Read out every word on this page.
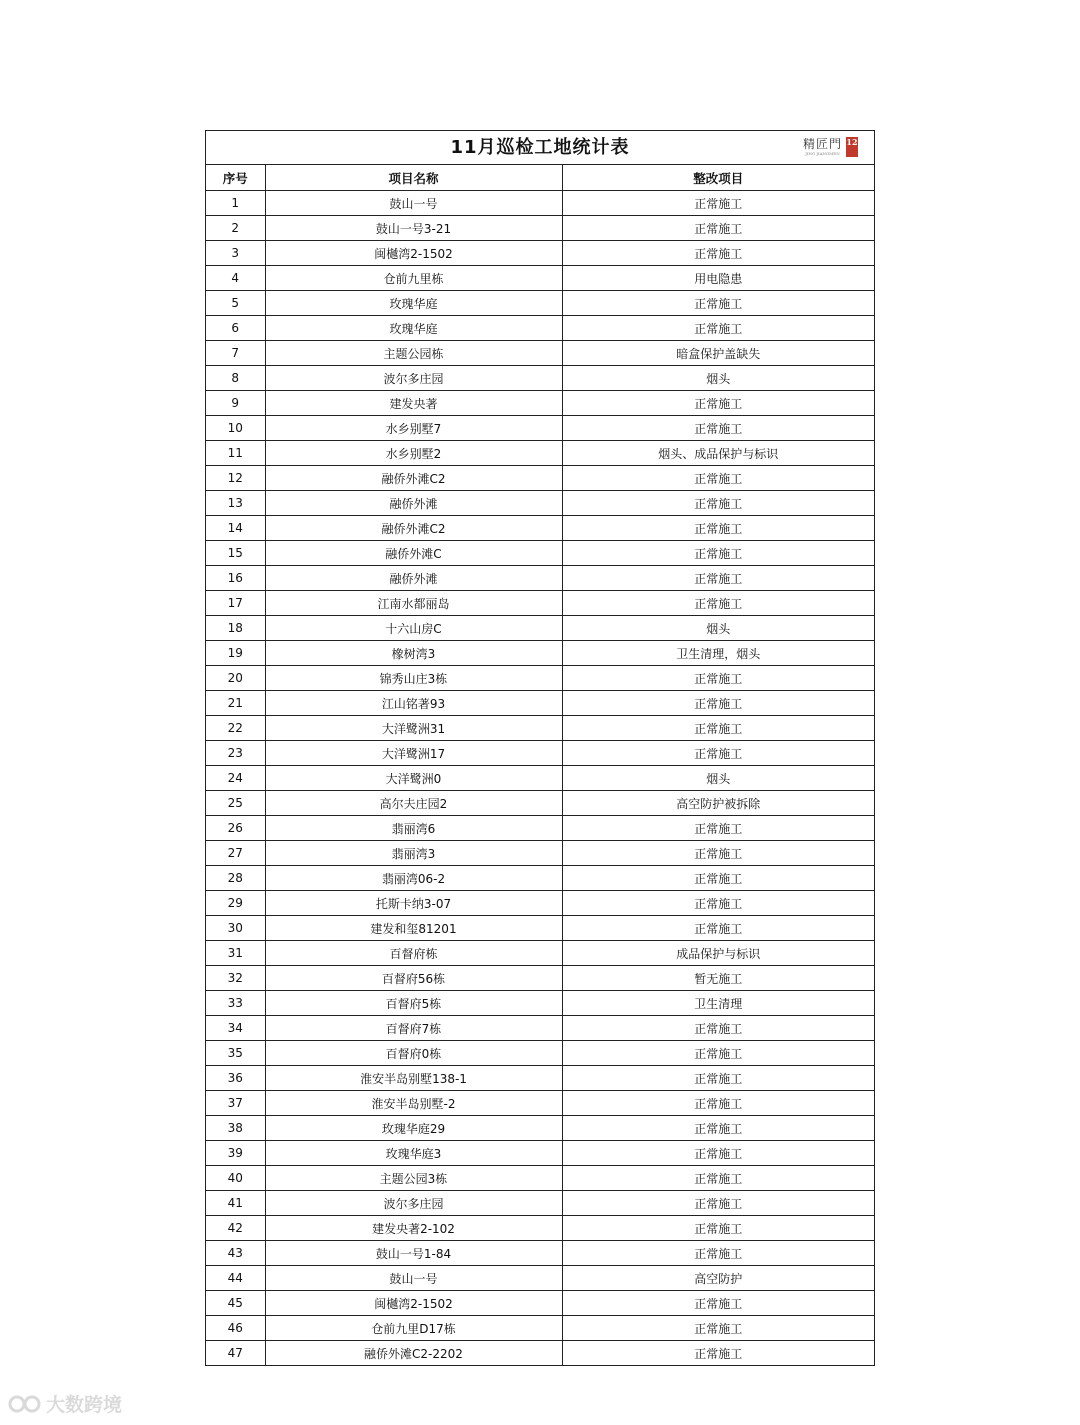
11月巡检工地统计表	精匠門
JING JIANGMEN
12
序号	项目名称	整改项目
1	鼓山一号	正常施工
2	鼓山一号3-21	正常施工
3	闽樾湾2-1502	正常施工
4	仓前九里栋	用电隐患
5	玫瑰华庭	正常施工
6	玫瑰华庭	正常施工
7	主题公园栋	暗盒保护盖缺失
8	波尔多庄园	烟头
9	建发央著	正常施工
10	水乡别墅7	正常施工
11	水乡别墅2	烟头、成品保护与标识
12	融侨外滩C2	正常施工
13	融侨外滩	正常施工
14	融侨外滩C2	正常施工
15	融侨外滩C	正常施工
16	融侨外滩	正常施工
17	江南水都丽岛	正常施工
18	十六山房C	烟头
19	橡树湾3	卫生清理，烟头
20	锦秀山庄3栋	正常施工
21	江山铭著93	正常施工
22	大洋鹭洲31	正常施工
23	大洋鹭洲17	正常施工
24	大洋鹭洲0	烟头
25	高尔夫庄园2	高空防护被拆除
26	翡丽湾6	正常施工
27	翡丽湾3	正常施工
28	翡丽湾06-2	正常施工
29	托斯卡纳3-07	正常施工
30	建发和玺81201	正常施工
31	百督府栋	成品保护与标识
32	百督府56栋	暂无施工
33	百督府5栋	卫生清理
34	百督府7栋	正常施工
35	百督府0栋	正常施工
36	淮安半岛别墅138-1	正常施工
37	淮安半岛别墅-2	正常施工
38	玫瑰华庭29	正常施工
39	玫瑰华庭3	正常施工
40	主题公园3栋	正常施工
41	波尔多庄园	正常施工
42	建发央著2-102	正常施工
43	鼓山一号1-84	正常施工
44	鼓山一号	高空防护
45	闽樾湾2-1502	正常施工
46	仓前九里D17栋	正常施工
47	融侨外滩C2-2202	正常施工
大数跨境
